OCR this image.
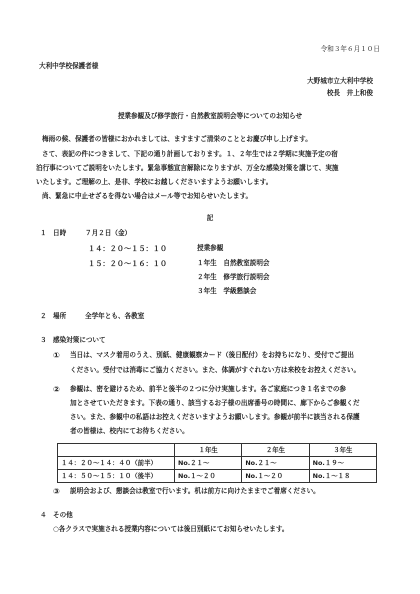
令和３年６月１０日
大利中学校保護者様
大野城市立大利中学校
校長　井上和俊
授業参観及び修学旅行・自然教室説明会等についてのお知らせ
梅雨の候、保護者の皆様におかれましては、ますますご清栄のこととお慶び申し上げます。
さて、表記の件につきまして、下記の通り計画しております。１、２年生では２学期に実施予定の宿
泊行事についてご説明をいたします。緊急事態宣言解除になりますが、万全な感染対策を講じて、実施
いたします。ご理解の上、是非、学校にお越しくださいますようお願いします。
尚、緊急に中止せざるを得ない場合はメール等でお知らせいたします。
記
１ 日時	７月２日（金）
１４：２０～１５：１０	授業参観
１５：２０～１６：１０	１年生　自然教室説明会
２年生　修学旅行説明会
３年生　学級懇談会
２ 場所	全学年とも、各教室
３ 感染対策について
① 当日は、マスク着用のうえ、別紙、健康観察カード（後日配付）をお持ちになり、受付でご提出
ください。受付では消毒にご協力ください。また、体調がすぐれない方は来校をお控えください。
② 参観は、密を避けるため、前半と後半の２つに分け実施します。各ご家庭につき１名までの参
加とさせていただきます。下表の通り、該当するお子様の出席番号の時間に、廊下からご参観くだ
さい。また、参観中の私語はお控えくださいますようお願いします。参観が前半に該当される保護
者の皆様は、校内にてお待ちください。
	１年生	２年生	３年生
１４：２０～１４：４０（前半）	No.２１～	No.２１～	No.１９～
１４：５０～１５：１０（後半）	No.１～２０	No.１～２０	No.１～１８
③ 説明会および、懇談会は教室で行います。机は前方に向けたままでご着席ください。
４ その他
○各クラスで実施される授業内容については後日別紙にてお知らせいたします。
